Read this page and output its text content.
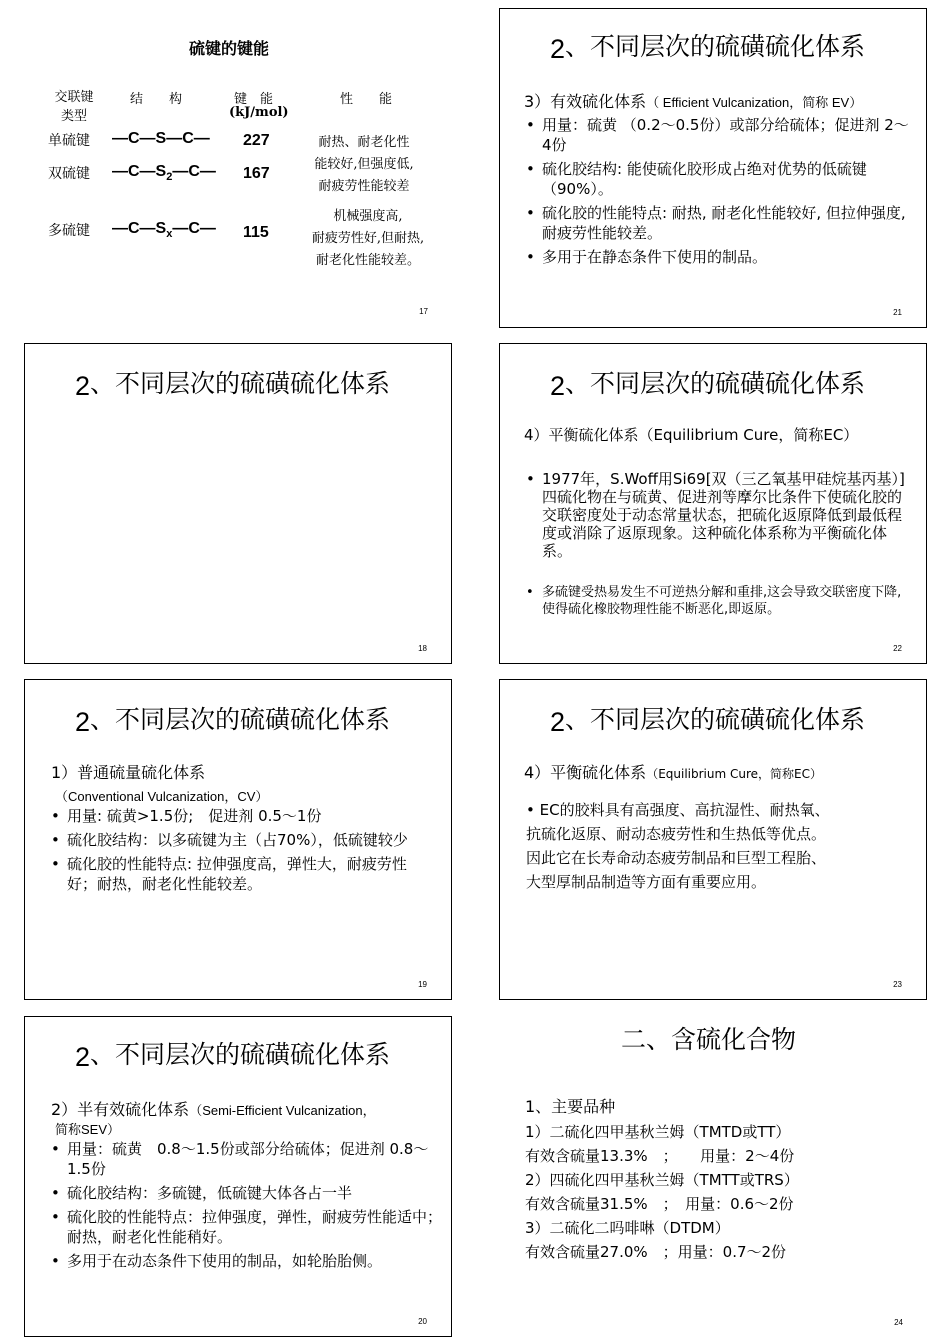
硫键的键能
交联键类型
结　　构	键　能
(kJ/mol)
性　　能
单硫键 —C—S—C— 227	耐热、耐老化性
能较好,但强度低,
耐疲劳性能较差
双硫键 $—C—S_2—C—$ 167
多硫键 $—C—S_x—C—$ 115
机械强度高,
耐疲劳性好,但耐热,
耐老化性能较差。
17
2、不同层次的硫磺硫化体系
3）有效硫化体系（ Efficient Vulcanization，简称 EV）
• 用量：硫黄 （0.2～0.5份）或部分给硫体；促进剂 2～4份
• 硫化胶结构: 能使硫化胶形成占绝对优势的低硫键（90%）。
• 硫化胶的性能特点: 耐热, 耐老化性能较好, 但拉伸强度, 耐疲劳性能较差。
• 多用于在静态条件下使用的制品。
21
2、不同层次的硫磺硫化体系
18
2、不同层次的硫磺硫化体系
4）平衡硫化体系（Equilibrium Cure，简称EC）
• 1977年，S.Woff用Si69[双（三乙氧基甲硅烷基丙基）]四硫化物在与硫黄、促进剂等摩尔比条件下使硫化胶的交联密度处于动态常量状态，把硫化返原降低到最低程度或消除了返原现象。这种硫化体系称为平衡硫化体系。
• 多硫键受热易发生不可逆热分解和重排,这会导致交联密度下降,使得硫化橡胶物理性能不断恶化,即返原。
22
2、不同层次的硫磺硫化体系
1）普通硫量硫化体系
（Conventional Vulcanization，CV）
• 用量: 硫黄>1.5份;　促进剂 0.5～1份
• 硫化胶结构：以多硫键为主（占70%），低硫键较少
• 硫化胶的性能特点: 拉伸强度高，弹性大，耐疲劳性好；耐热，耐老化性能较差。
19
2、不同层次的硫磺硫化体系
4）平衡硫化体系（Equilibrium Cure，简称EC）
• EC的胶料具有高强度、高抗湿性、耐热氧、
抗硫化返原、耐动态疲劳性和生热低等优点。
因此它在长寿命动态疲劳制品和巨型工程胎、
大型厚制品制造等方面有重要应用。
23
2、不同层次的硫磺硫化体系
2）半有效硫化体系（Semi-Efficient Vulcanization，
简称SEV）
• 用量：硫黄　0.8～1.5份或部分给硫体；促进剂 0.8～1.5份
• 硫化胶结构：多硫键，低硫键大体各占一半
• 硫化胶的性能特点：拉伸强度，弹性，耐疲劳性能适中；　耐热，耐老化性能稍好。
• 多用于在动态条件下使用的制品，如轮胎胎侧。
20
二、含硫化合物
1、主要品种
1）二硫化四甲基秋兰姆（TMTD或TT）
有效含硫量13.3%　；　　用量：2～4份
2）四硫化四甲基秋兰姆（TMTT或TRS）
有效含硫量31.5%　；　用量：0.6～2份
3）二硫化二吗啡啉（DTDM）
有效含硫量27.0%　；用量：0.7～2份
24
